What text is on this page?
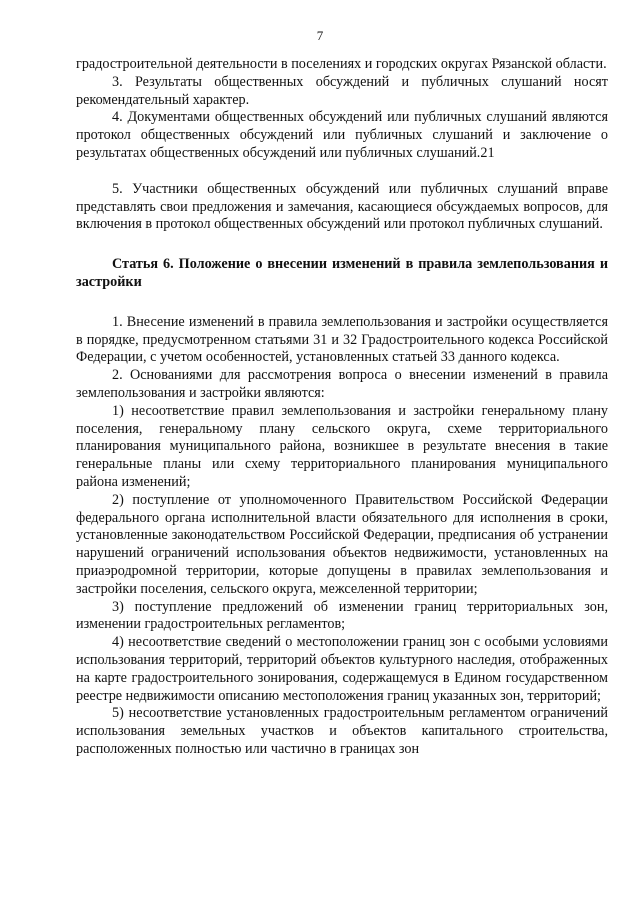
7

градостроительной деятельности в поселениях и городских округах Рязанской области.

3. Результаты общественных обсуждений и публичных слушаний носят рекомендательный характер.

4. Документами общественных обсуждений или публичных слушаний являются протокол общественных обсуждений или публичных слушаний и заключение о результатах общественных обсуждений или публичных слушаний.21

5. Участники общественных обсуждений или публичных слушаний вправе представлять свои предложения и замечания, касающиеся обсуждаемых вопросов, для включения в протокол общественных обсуждений или протокол публичных слушаний.

Статья 6. Положение о внесении изменений в правила землепользования и застройки

1. Внесение изменений в правила землепользования и застройки осуществляется в порядке, предусмотренном статьями 31 и 32 Градостроительного кодекса Российской Федерации, с учетом особенностей, установленных статьей 33 данного кодекса.

2. Основаниями для рассмотрения вопроса о внесении изменений в правила землепользования и застройки являются:

1) несоответствие правил землепользования и застройки генеральному плану поселения, генеральному плану сельского округа, схеме территориального планирования муниципального района, возникшее в результате внесения в такие генеральные планы или схему территориального планирования муниципального района изменений;

2) поступление от уполномоченного Правительством Российской Федерации федерального органа исполнительной власти обязательного для исполнения в сроки, установленные законодательством Российской Федерации, предписания об устранении нарушений ограничений использования объектов недвижимости, установленных на приаэродромной территории, которые допущены в правилах землепользования и застройки поселения, сельского округа, межселенной территории;

3) поступление предложений об изменении границ территориальных зон, изменении градостроительных регламентов;

4) несоответствие сведений о местоположении границ зон с особыми условиями использования территорий, территорий объектов культурного наследия, отображенных на карте градостроительного зонирования, содержащемуся в Едином государственном реестре недвижимости описанию местоположения границ указанных зон, территорий;

5) несоответствие установленных градостроительным регламентом ограничений использования земельных участков и объектов капитального строительства, расположенных полностью или частично в границах зон
